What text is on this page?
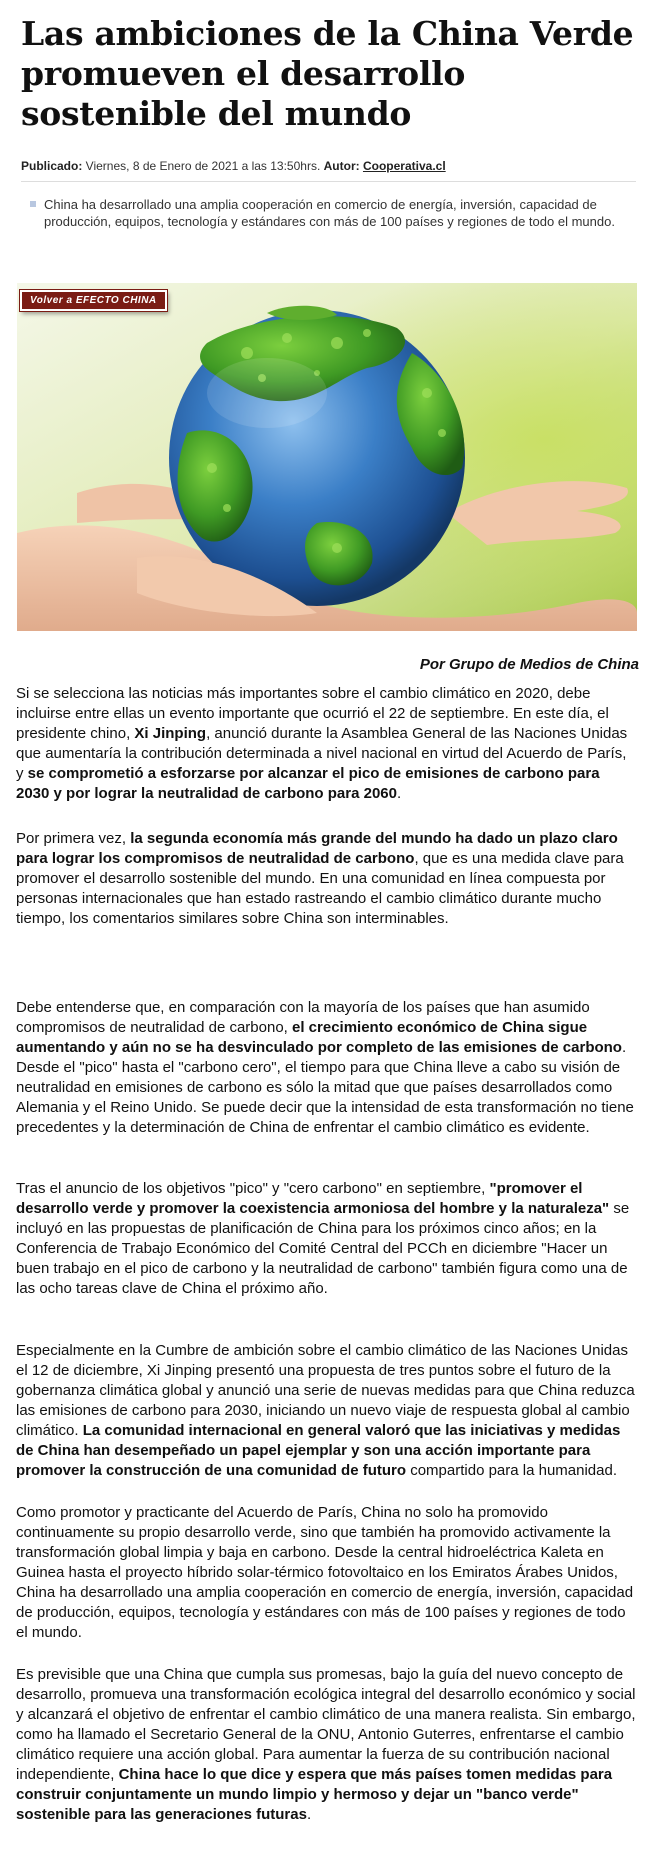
Las ambiciones de la China Verde promueven el desarrollo sostenible del mundo
Publicado: Viernes, 8 de Enero de 2021 a las 13:50hrs. Autor: Cooperativa.cl

China ha desarrollado una amplia cooperación en comercio de energía, inversión, capacidad de producción, equipos, tecnología y estándares con más de 100 países y regiones de todo el mundo.

Volver a EFECTO CHINA
Por Grupo de Medios de China

Si se selecciona las noticias más importantes sobre el cambio climático en 2020, debe incluirse entre ellas un evento importante que ocurrió el 22 de septiembre. En este día, el presidente chino, Xi Jinping, anunció durante la Asamblea General de las Naciones Unidas que aumentaría la contribución determinada a nivel nacional en virtud del Acuerdo de París, y se comprometió a esforzarse por alcanzar el pico de emisiones de carbono para 2030 y por lograr la neutralidad de carbono para 2060.

Por primera vez, la segunda economía más grande del mundo ha dado un plazo claro para lograr los compromisos de neutralidad de carbono, que es una medida clave para promover el desarrollo sostenible del mundo. En una comunidad en línea compuesta por personas internacionales que han estado rastreando el cambio climático durante mucho tiempo, los comentarios similares sobre China son interminables.

Debe entenderse que, en comparación con la mayoría de los países que han asumido compromisos de neutralidad de carbono, el crecimiento económico de China sigue aumentando y aún no se ha desvinculado por completo de las emisiones de carbono. Desde el "pico" hasta el "carbono cero", el tiempo para que China lleve a cabo su visión de neutralidad en emisiones de carbono es sólo la mitad que que países desarrollados como Alemania y el Reino Unido. Se puede decir que la intensidad de esta transformación no tiene precedentes y la determinación de China de enfrentar el cambio climático es evidente.

Tras el anuncio de los objetivos "pico" y "cero carbono" en septiembre, "promover el desarrollo verde y promover la coexistencia armoniosa del hombre y la naturaleza" se incluyó en las propuestas de planificación de China para los próximos cinco años; en la Conferencia de Trabajo Económico del Comité Central del PCCh en diciembre "Hacer un buen trabajo en el pico de carbono y la neutralidad de carbono" también figura como una de las ocho tareas clave de China el próximo año.

Especialmente en la Cumbre de ambición sobre el cambio climático de las Naciones Unidas el 12 de diciembre, Xi Jinping presentó una propuesta de tres puntos sobre el futuro de la gobernanza climática global y anunció una serie de nuevas medidas para que China reduzca las emisiones de carbono para 2030, iniciando un nuevo viaje de respuesta global al cambio climático. La comunidad internacional en general valoró que las iniciativas y medidas de China han desempeñado un papel ejemplar y son una acción importante para promover la construcción de una comunidad de futuro compartido para la humanidad.

Como promotor y practicante del Acuerdo de París, China no solo ha promovido continuamente su propio desarrollo verde, sino que también ha promovido activamente la transformación global limpia y baja en carbono. Desde la central hidroeléctrica Kaleta en Guinea hasta el proyecto híbrido solar-térmico fotovoltaico en los Emiratos Árabes Unidos, China ha desarrollado una amplia cooperación en comercio de energía, inversión, capacidad de producción, equipos, tecnología y estándares con más de 100 países y regiones de todo el mundo.

Es previsible que una China que cumpla sus promesas, bajo la guía del nuevo concepto de desarrollo, promueva una transformación ecológica integral del desarrollo económico y social y alcanzará el objetivo de enfrentar el cambio climático de una manera realista. Sin embargo, como ha llamado el Secretario General de la ONU, Antonio Guterres, enfrentarse el cambio climático requiere una acción global. Para aumentar la fuerza de su contribución nacional independiente, China hace lo que dice y espera que más países tomen medidas para construir conjuntamente un mundo limpio y hermoso y dejar un "banco verde" sostenible para las generaciones futuras.
